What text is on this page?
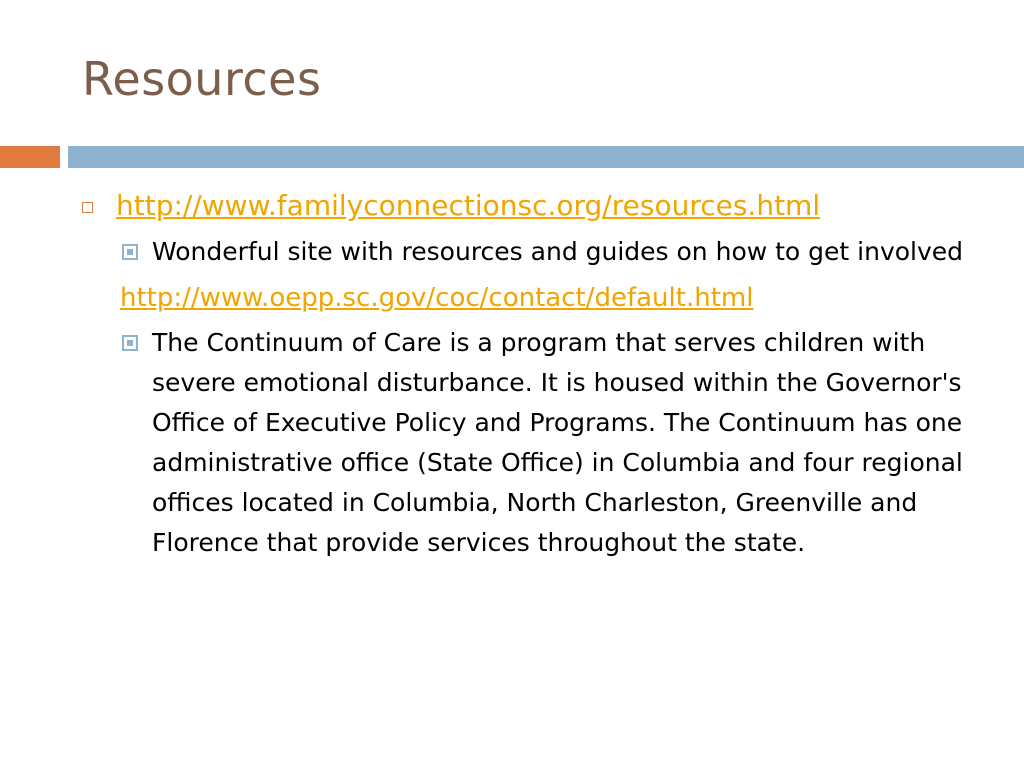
Resources
http://www.familyconnectionsc.org/resources.html
Wonderful site with resources and guides on how to get involved
http://www.oepp.sc.gov/coc/contact/default.html
The Continuum of Care is a program that serves children with severe emotional disturbance. It is housed within the Governor's Office of Executive Policy and Programs. The Continuum has one administrative office (State Office) in Columbia and four regional offices located in Columbia, North Charleston, Greenville and Florence that provide services throughout the state.
